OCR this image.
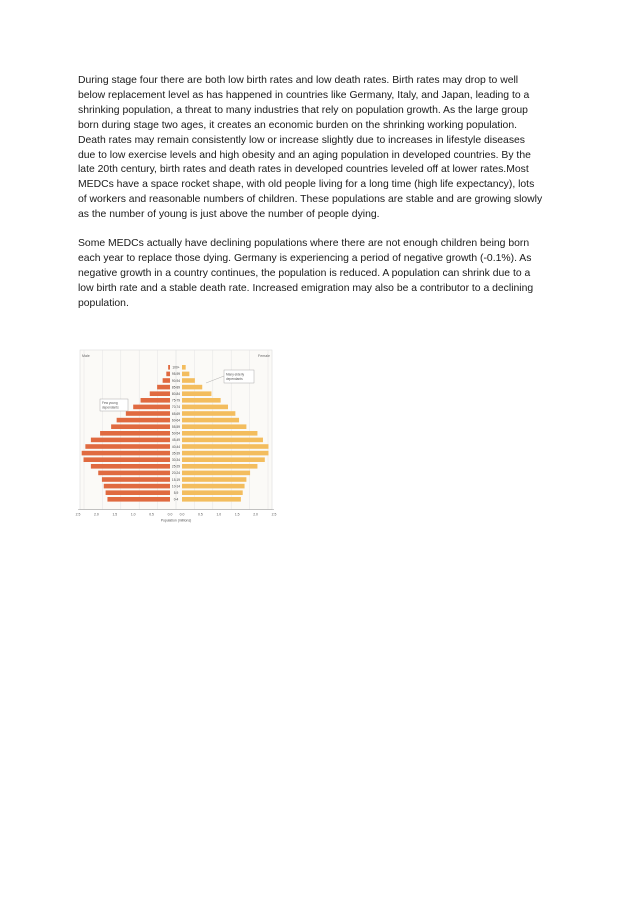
During stage four there are both low birth rates and low death rates. Birth rates may drop to well
below replacement level as has happened in countries like Germany, Italy, and Japan, leading to a
shrinking population, a threat to many industries that rely on population growth. As the large group
born during stage two ages, it creates an economic burden on the shrinking working population.
Death rates may remain consistently low or increase slightly due to increases in lifestyle diseases
due to low exercise levels and high obesity and an aging population in developed countries. By the
late 20th century, birth rates and death rates in developed countries leveled off at lower rates.Most
MEDCs have a space rocket shape, with old people living for a long time (high life expectancy), lots
of workers and reasonable numbers of children. These populations are stable and are growing slowly
as the number of young is just above the number of people dying.

Some MEDCs actually have declining populations where there are not enough children being born
each year to replace those dying. Germany is experiencing a period of negative growth (-0.1%). As
negative growth in a country continues, the population is reduced. A population can shrink due to a
low birth rate and a stable death rate. Increased emigration may also be a contributor to a declining
population.

Male	Female
100+
95-99
90-94
85-89
80-84
75-79
70-74
65-69
60-64
55-59
50-54
45-49
40-44
35-39
30-34
25-29
20-24
15-19
10-14
5-9
0-4
Many elderly
dependants
Few young
dependants
2.5	2.0	1.5	1.0	0.5	0.0 0.0	0.5	1.0	1.5	2.0	2.5
Population (millions)
